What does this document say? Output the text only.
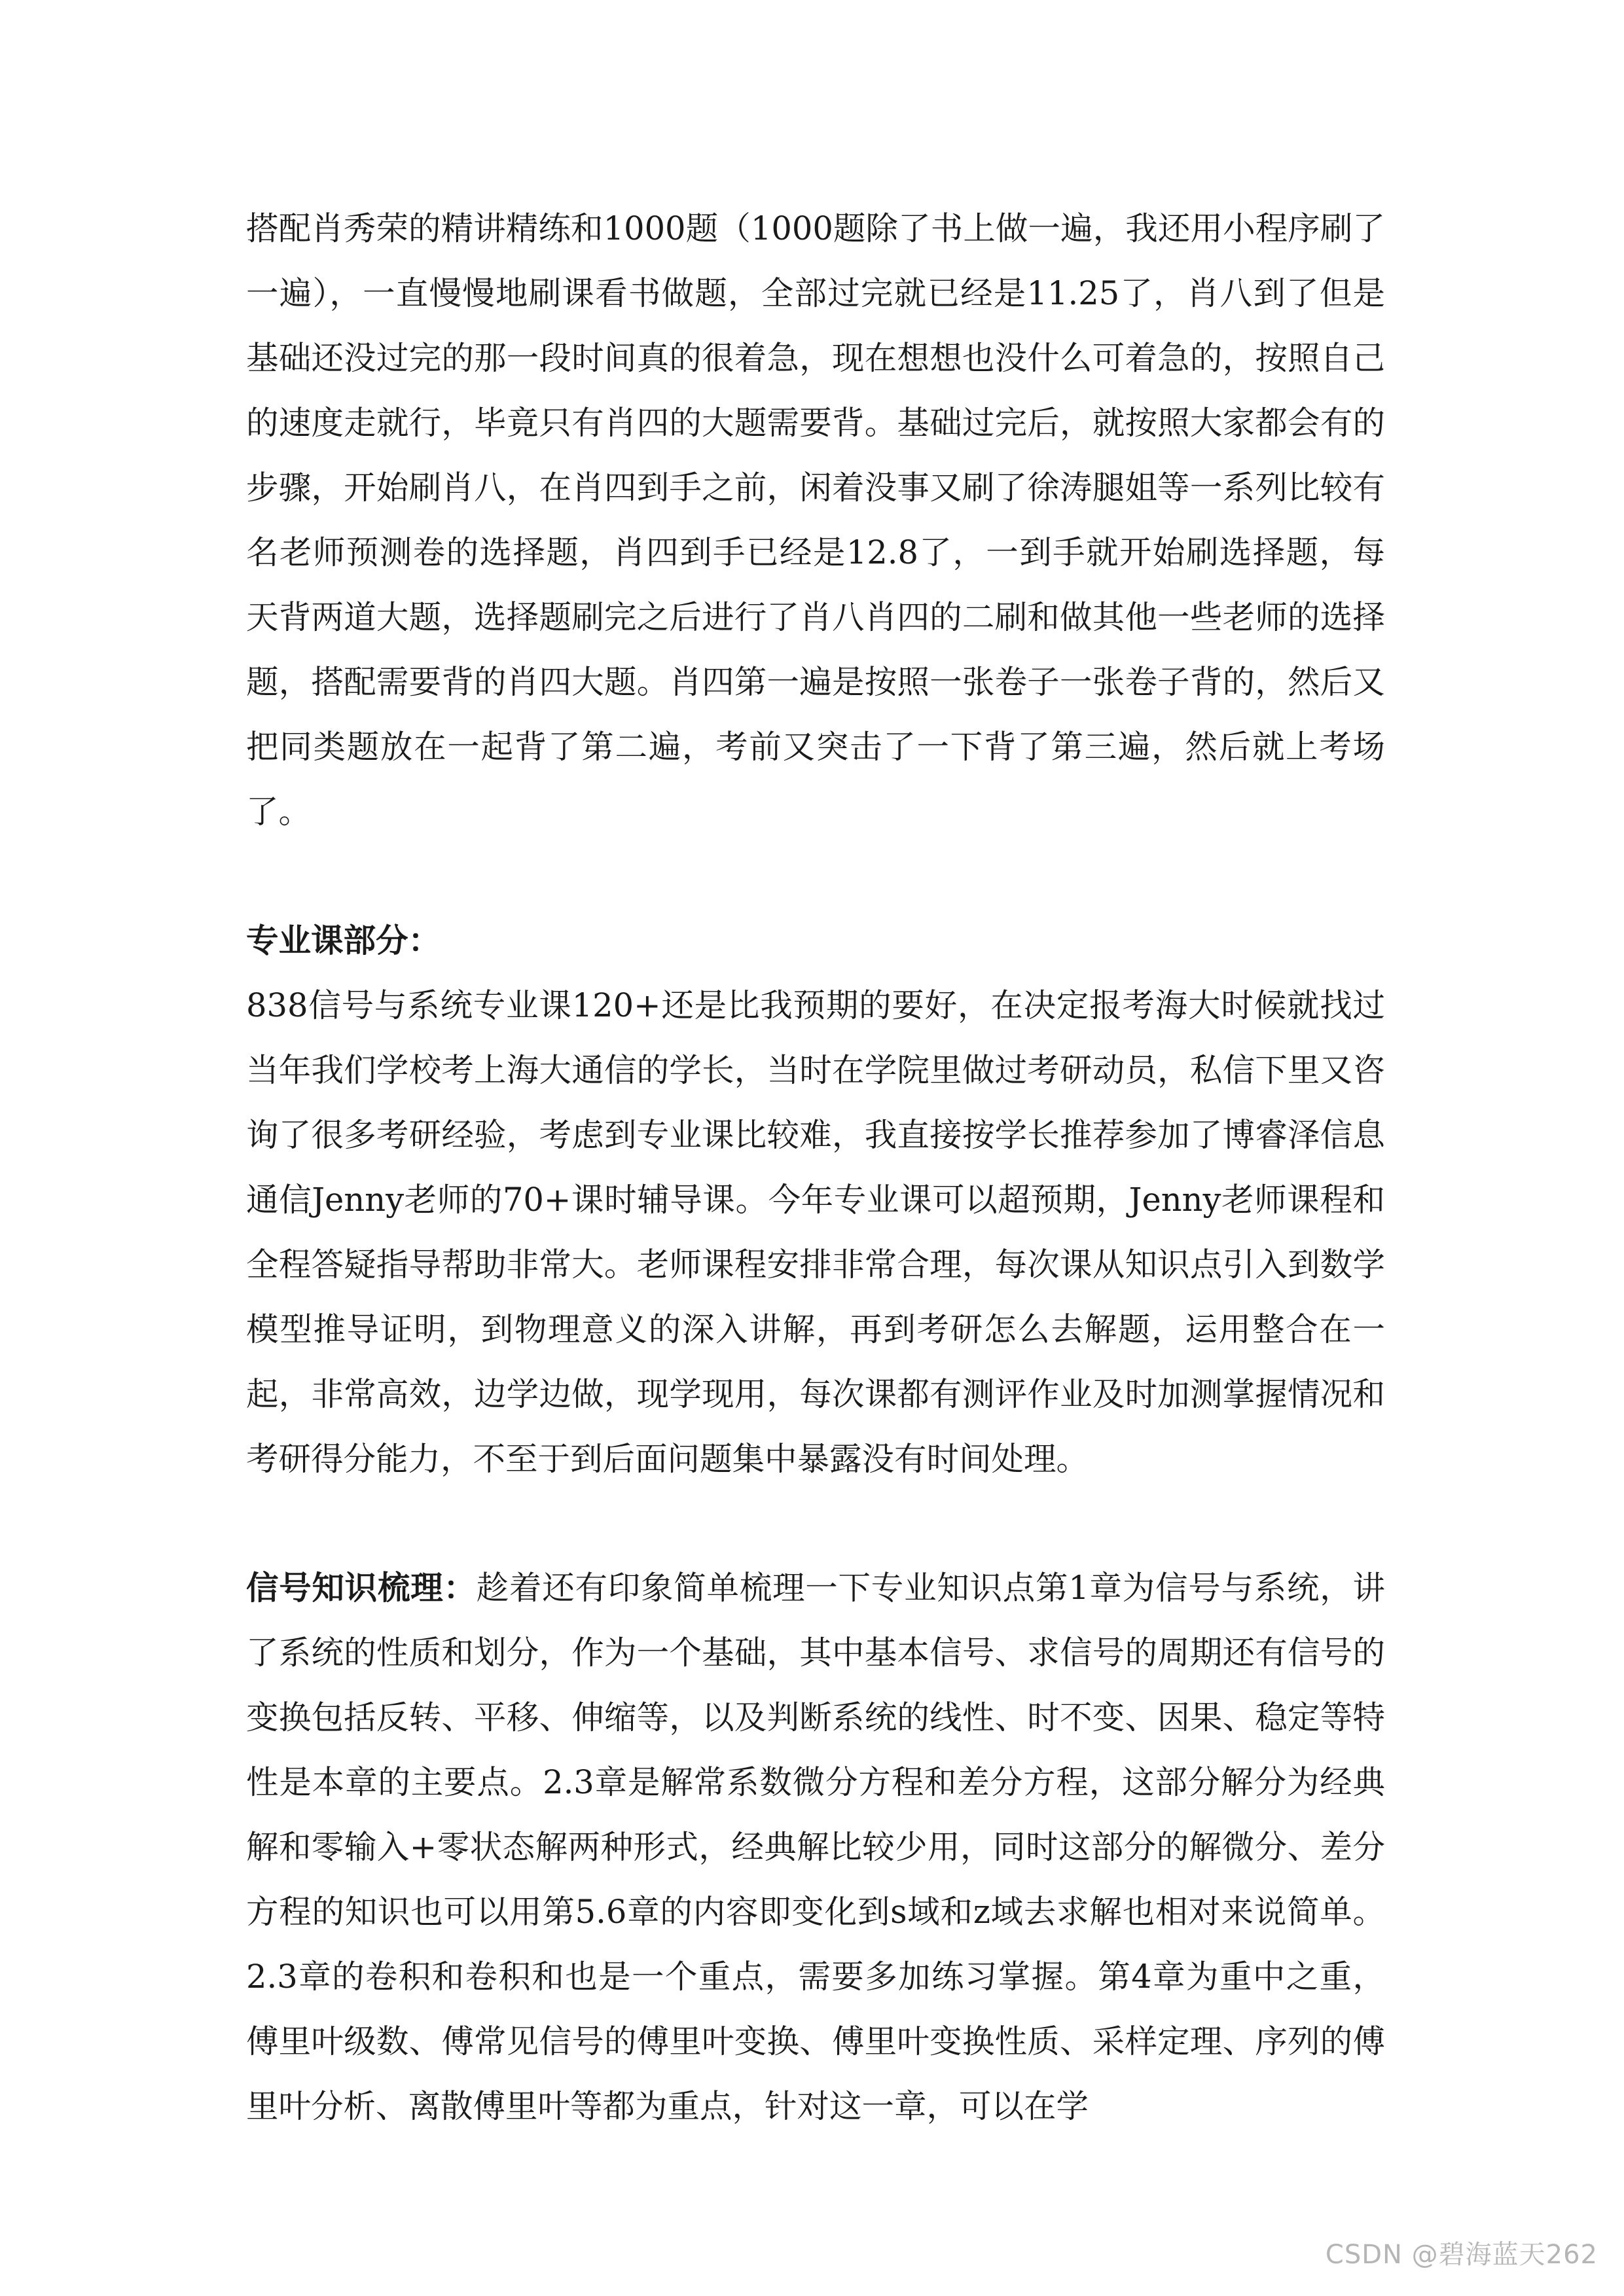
搭配肖秀荣的精讲精练和1000题（1000题除了书上做一遍，我还用小程序刷了一遍），一直慢慢地刷课看书做题，全部过完就已经是11.25了，肖八到了但是基础还没过完的那一段时间真的很着急，现在想想也没什么可着急的，按照自己的速度走就行，毕竟只有肖四的大题需要背。基础过完后，就按照大家都会有的步骤，开始刷肖八，在肖四到手之前，闲着没事又刷了徐涛腿姐等一系列比较有名老师预测卷的选择题，肖四到手已经是12.8了，一到手就开始刷选择题，每天背两道大题，选择题刷完之后进行了肖八肖四的二刷和做其他一些老师的选择题，搭配需要背的肖四大题。肖四第一遍是按照一张卷子一张卷子背的，然后又把同类题放在一起背了第二遍，考前又突击了一下背了第三遍，然后就上考场了。

专业课部分：

838信号与系统专业课120+还是比我预期的要好，在决定报考海大时候就找过当年我们学校考上海大通信的学长，当时在学院里做过考研动员，私信下里又咨询了很多考研经验，考虑到专业课比较难，我直接按学长推荐参加了博睿泽信息通信Jenny老师的70+课时辅导课。今年专业课可以超预期，Jenny老师课程和全程答疑指导帮助非常大。老师课程安排非常合理，每次课从知识点引入到数学模型推导证明，到物理意义的深入讲解，再到考研怎么去解题，运用整合在一起，非常高效，边学边做，现学现用，每次课都有测评作业及时加测掌握情况和考研得分能力，不至于到后面问题集中暴露没有时间处理。

信号知识梳理：趁着还有印象简单梳理一下专业知识点第1章为信号与系统，讲了系统的性质和划分，作为一个基础，其中基本信号、求信号的周期还有信号的变换包括反转、平移、伸缩等，以及判断系统的线性、时不变、因果、稳定等特性是本章的主要点。2.3章是解常系数微分方程和差分方程，这部分解分为经典解和零输入+零状态解两种形式，经典解比较少用，同时这部分的解微分、差分方程的知识也可以用第5.6章的内容即变化到s域和z域去求解也相对来说简单。2.3章的卷积和卷积和也是一个重点，需要多加练习掌握。第4章为重中之重，傅里叶级数、傅常见信号的傅里叶变换、傅里叶变换性质、采样定理、序列的傅里叶分析、离散傅里叶等都为重点，针对这一章，可以在学

CSDN @碧海蓝天262
